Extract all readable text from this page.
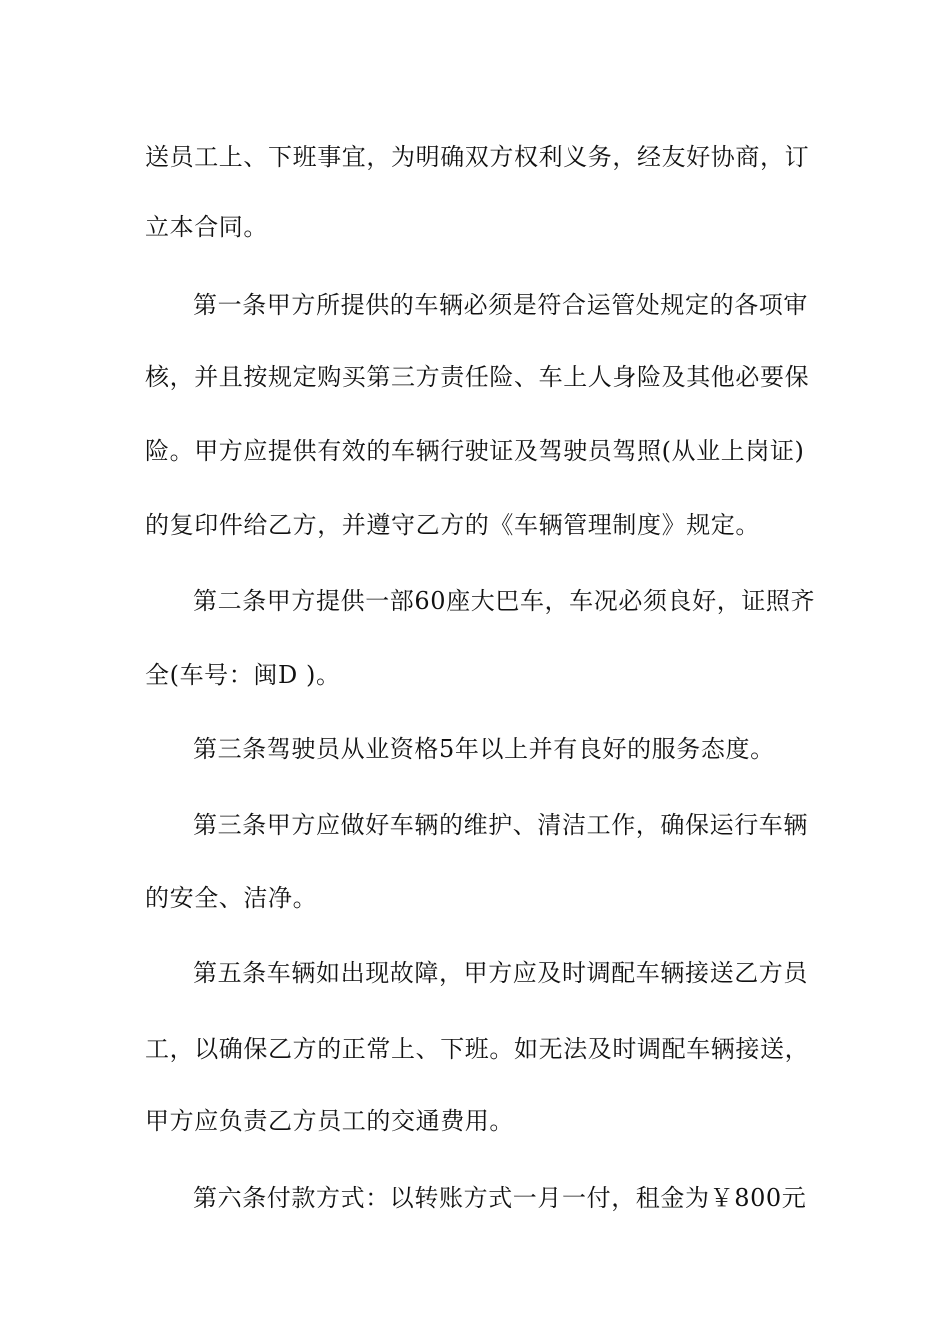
送员工上、下班事宜，为明确双方权利义务，经友好协商，订
立本合同。
第一条甲方所提供的车辆必须是符合运管处规定的各项审
核，并且按规定购买第三方责任险、车上人身险及其他必要保
险。甲方应提供有效的车辆行驶证及驾驶员驾照(从业上岗证)
的复印件给乙方，并遵守乙方的《车辆管理制度》规定。
第二条甲方提供一部60座大巴车，车况必须良好，证照齐
全(车号：闽D )。
第三条驾驶员从业资格5年以上并有良好的服务态度。
第三条甲方应做好车辆的维护、清洁工作，确保运行车辆
的安全、洁净。
第五条车辆如出现故障，甲方应及时调配车辆接送乙方员
工，以确保乙方的正常上、下班。如无法及时调配车辆接送，
甲方应负责乙方员工的交通费用。
第六条付款方式：以转账方式一月一付，租金为￥800元
